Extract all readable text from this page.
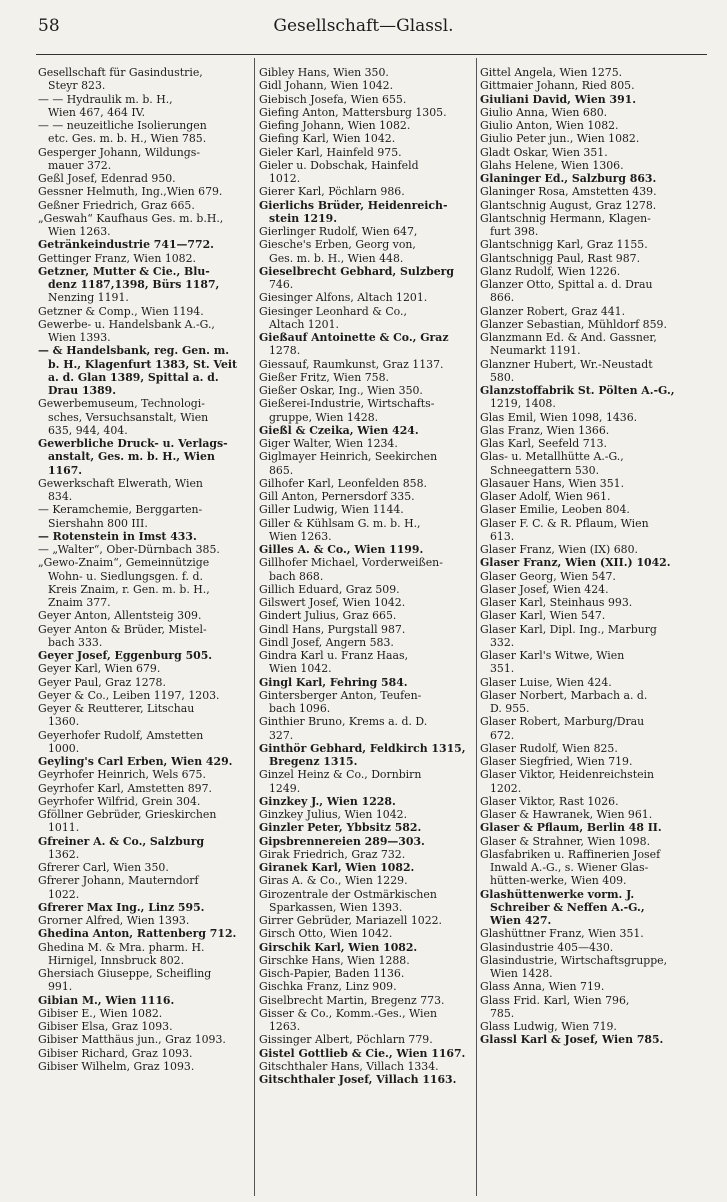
58	Gesellschaft—Glassl.
Gesellschaft für Gasindustrie,
Steyr 823.
— — Hydraulik m. b. H.,
Wien 467, 464 IV.
— — neuzeitliche Isolierungen
etc. Ges. m. b. H., Wien 785.
Gesperger Johann, Wildungs-
mauer 372.
Geßl Josef, Edenrad 950.
Gessner Helmuth, Ing.,Wien 679.
Geßner Friedrich, Graz 665.
„Geswah“ Kaufhaus Ges. m. b.H.,
Wien 1263.
Getränkeindustrie 741—772.
Gettinger Franz, Wien 1082.
Getzner, Mutter & Cie., Blu-
denz 1187,1398, Bürs 1187,
Nenzing 1191.
Getzner & Comp., Wien 1194.
Gewerbe- u. Handelsbank A.-G.,
Wien 1393.
— & Handelsbank, reg. Gen. m.
b. H., Klagenfurt 1383, St. Veit
a. d. Glan 1389, Spittal a. d.
Drau 1389.
Gewerbemuseum, Technologi-
sches, Versuchsanstalt, Wien
635, 944, 404.
Gewerbliche Druck- u. Verlags-
anstalt, Ges. m. b. H., Wien
1167.
Gewerkschaft Elwerath, Wien
834.
— Keramchemie, Berggarten-
Siershahn 800 III.
— Rotenstein in Imst 433.
— „Walter“, Ober-Dürnbach 385.
„Gewo-Znaim“, Gemeinnützige
Wohn- u. Siedlungsgen. f. d.
Kreis Znaim, r. Gen. m. b. H.,
Znaim 377.
Geyer Anton, Allentsteig 309.
Geyer Anton & Brüder, Mistel-
bach 333.
Geyer Josef, Eggenburg 505.
Geyer Karl, Wien 679.
Geyer Paul, Graz 1278.
Geyer & Co., Leiben 1197, 1203.
Geyer & Reutterer, Litschau
1360.
Geyerhofer Rudolf, Amstetten
1000.
Geyling's Carl Erben, Wien 429.
Geyrhofer Heinrich, Wels 675.
Geyrhofer Karl, Amstetten 897.
Geyrhofer Wilfrid, Grein 304.
Gföllner Gebrüder, Grieskirchen
1011.
Gfreiner A. & Co., Salzburg
1362.
Gfrerer Carl, Wien 350.
Gfrerer Johann, Mauterndorf
1022.
Gfrerer Max Ing., Linz 595.
Grorner Alfred, Wien 1393.
Ghedina Anton, Rattenberg 712.
Ghedina M. & Mra. pharm. H.
Hirnigel, Innsbruck 802.
Ghersiach Giuseppe, Scheifling
991.
Gibian M., Wien 1116.
Gibiser E., Wien 1082.
Gibiser Elsa, Graz 1093.
Gibiser Matthäus jun., Graz 1093.
Gibiser Richard, Graz 1093.
Gibiser Wilhelm, Graz 1093.
Gibley Hans, Wien 350.
Gidl Johann, Wien 1042.
Giebisch Josefa, Wien 655.
Giefing Anton, Mattersburg 1305.
Giefing Johann, Wien 1082.
Giefing Karl, Wien 1042.
Gieler Karl, Hainfeld 975.
Gieler u. Dobschak, Hainfeld
1012.
Gierer Karl, Pöchlarn 986.
Gierlichs Brüder, Heidenreich-
stein 1219.
Gierlinger Rudolf, Wien 647,
Giesche's Erben, Georg von,
Ges. m. b. H., Wien 448.
Gieselbrecht Gebhard, Sulzberg
746.
Giesinger Alfons, Altach 1201.
Giesinger Leonhard & Co.,
Altach 1201.
Gießauf Antoinette & Co., Graz
1278.
Giessauf, Raumkunst, Graz 1137.
Gießer Fritz, Wien 758.
Gießer Oskar, Ing., Wien 350.
Gießerei-Industrie, Wirtschafts-
gruppe, Wien 1428.
Gießl & Czeika, Wien 424.
Giger Walter, Wien 1234.
Giglmayer Heinrich, Seekirchen
865.
Gilhofer Karl, Leonfelden 858.
Gill Anton, Pernersdorf 335.
Giller Ludwig, Wien 1144.
Giller & Kühlsam G. m. b. H.,
Wien 1263.
Gilles A. & Co., Wien 1199.
Gillhofer Michael, Vorderweißen-
bach 868.
Gillich Eduard, Graz 509.
Gilswert Josef, Wien 1042.
Gindert Julius, Graz 665.
Gindl Hans, Purgstall 987.
Gindl Josef, Angern 583.
Gindra Karl u. Franz Haas,
Wien 1042.
Gingl Karl, Fehring 584.
Gintersberger Anton, Teufen-
bach 1096.
Ginthier Bruno, Krems a. d. D.
327.
Ginthör Gebhard, Feldkirch 1315,
Bregenz 1315.
Ginzel Heinz & Co., Dornbirn
1249.
Ginzkey J., Wien 1228.
Ginzkey Julius, Wien 1042.
Ginzler Peter, Ybbsitz 582.
Gipsbrennereien 289—303.
Girak Friedrich, Graz 732.
Giranek Karl, Wien 1082.
Giras A. & Co., Wien 1229.
Girozentrale der Ostmärkischen
Sparkassen, Wien 1393.
Girrer Gebrüder, Mariazell 1022.
Girsch Otto, Wien 1042.
Girschik Karl, Wien 1082.
Girschke Hans, Wien 1288.
Gisch-Papier, Baden 1136.
Gischka Franz, Linz 909.
Giselbrecht Martin, Bregenz 773.
Gisser & Co., Komm.-Ges., Wien
1263.
Gissinger Albert, Pöchlarn 779.
Gistel Gottlieb & Cie., Wien 1167.
Gitschthaler Hans, Villach 1334.
Gitschthaler Josef, Villach 1163.
Gittel Angela, Wien 1275.
Gittmaier Johann, Ried 805.
Giuliani David, Wien 391.
Giulio Anna, Wien 680.
Giulio Anton, Wien 1082.
Giulio Peter jun., Wien 1082.
Gladt Oskar, Wien 351.
Glahs Helene, Wien 1306.
Glaninger Ed., Salzburg 863.
Glaninger Rosa, Amstetten 439.
Glantschnig August, Graz 1278.
Glantschnig Hermann, Klagen-
furt 398.
Glantschnigg Karl, Graz 1155.
Glantschnigg Paul, Rast 987.
Glanz Rudolf, Wien 1226.
Glanzer Otto, Spittal a. d. Drau
866.
Glanzer Robert, Graz 441.
Glanzer Sebastian, Mühldorf 859.
Glanzmann Ed. & And. Gassner,
Neumarkt 1191.
Glanzner Hubert, Wr.-Neustadt
580.
Glanzstoffabrik St. Pölten A.-G.,
1219, 1408.
Glas Emil, Wien 1098, 1436.
Glas Franz, Wien 1366.
Glas Karl, Seefeld 713.
Glas- u. Metallhütte A.-G.,
Schneegattern 530.
Glasauer Hans, Wien 351.
Glaser Adolf, Wien 961.
Glaser Emilie, Leoben 804.
Glaser F. C. & R. Pflaum, Wien
613.
Glaser Franz, Wien (IX) 680.
Glaser Franz, Wien (XII.) 1042.
Glaser Georg, Wien 547.
Glaser Josef, Wien 424.
Glaser Karl, Steinhaus 993.
Glaser Karl, Wien 547.
Glaser Karl, Dipl. Ing., Marburg
332.
Glaser Karl's Witwe, Wien
351.
Glaser Luise, Wien 424.
Glaser Norbert, Marbach a. d.
D. 955.
Glaser Robert, Marburg/Drau
672.
Glaser Rudolf, Wien 825.
Glaser Siegfried, Wien 719.
Glaser Viktor, Heidenreichstein
1202.
Glaser Viktor, Rast 1026.
Glaser & Hawranek, Wien 961.
Glaser & Pflaum, Berlin 48 II.
Glaser & Strahner, Wien 1098.
Glasfabriken u. Raffinerien Josef
Inwald A.-G., s. Wiener Glas-
hütten-werke, Wien 409.
Glashüttenwerke vorm. J.
Schreiber & Neffen A.-G.,
Wien 427.
Glashüttner Franz, Wien 351.
Glasindustrie 405—430.
Glasindustrie, Wirtschaftsgruppe,
Wien 1428.
Glass Anna, Wien 719.
Glass Frid. Karl, Wien 796,
785.
Glass Ludwig, Wien 719.
Glassl Karl & Josef, Wien 785.
